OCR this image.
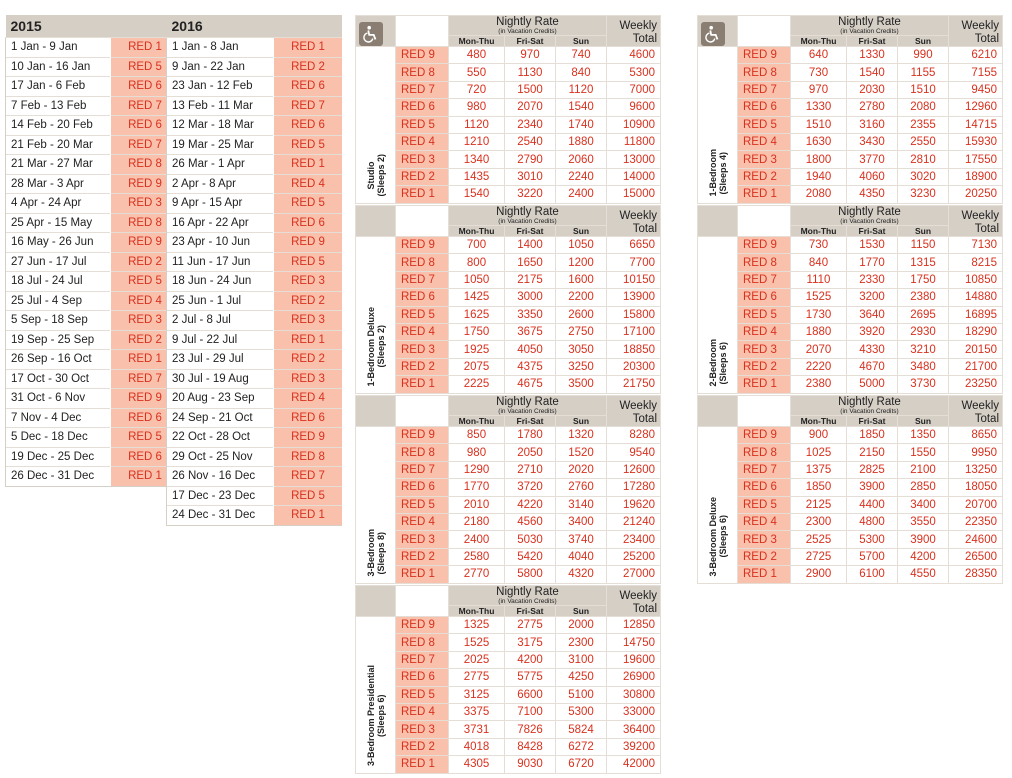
2015	
1 Jan - 9 Jan	RED 1
10 Jan - 16 Jan	RED 5
17 Jan - 6 Feb	RED 6
7 Feb - 13 Feb	RED 7
14 Feb - 20 Feb	RED 6
21 Feb - 20 Mar	RED 7
21 Mar - 27 Mar	RED 8
28 Mar - 3 Apr	RED 9
4 Apr - 24 Apr	RED 3
25 Apr - 15 May	RED 8
16 May - 26 Jun	RED 9
27 Jun - 17 Jul	RED 2
18 Jul - 24 Jul	RED 5
25 Jul - 4 Sep	RED 4
5 Sep - 18 Sep	RED 3
19 Sep - 25 Sep	RED 2
26 Sep - 16 Oct	RED 1
17 Oct - 30 Oct	RED 7
31 Oct - 6 Nov	RED 9
7 Nov - 4 Dec	RED 6
5 Dec - 18 Dec	RED 5
19 Dec - 25 Dec	RED 6
26 Dec - 31 Dec	RED 1
2016	
1 Jan - 8 Jan	RED 1
9 Jan - 22 Jan	RED 2
23 Jan - 12 Feb	RED 6
13 Feb - 11 Mar	RED 7
12 Mar - 18 Mar	RED 6
19 Mar - 25 Mar	RED 5
26 Mar - 1 Apr	RED 1
2 Apr - 8 Apr	RED 4
9 Apr - 15 Apr	RED 5
16 Apr - 22 Apr	RED 6
23 Apr - 10 Jun	RED 9
11 Jun - 17 Jun	RED 5
18 Jun - 24 Jun	RED 3
25 Jun - 1 Jul	RED 2
2 Jul - 8 Jul	RED 3
9 Jul - 22 Jul	RED 1
23 Jul - 29 Jul	RED 2
30 Jul - 19 Aug	RED 3
20 Aug - 23 Sep	RED 4
24 Sep - 21 Oct	RED 6
22 Oct - 28 Oct	RED 9
29 Oct - 25 Nov	RED 8
26 Nov - 16 Dec	RED 7
17 Dec - 23 Dec	RED 5
24 Dec - 31 Dec	RED 1
		Nightly Rate
(in Vacation Credits)			Weekly
Total
		Mon-Thu	Fri-Sat	Sun	

Studio
(Sleeps 2)	RED 9	480	970	740	4600
	RED 8	550	1130	840	5300
	RED 7	720	1500	1120	7000
	RED 6	980	2070	1540	9600
	RED 5	1120	2340	1740	10900
	RED 4	1210	2540	1880	11800
	RED 3	1340	2790	2060	13000
	RED 2	1435	3010	2240	14000
	RED 1	1540	3220	2400	15000
		Nightly Rate
(in Vacation Credits)			Weekly
Total
		Mon-Thu	Fri-Sat	Sun	

1-Bedroom Deluxe
(Sleeps 2)	RED 9	700	1400	1050	6650
	RED 8	800	1650	1200	7700
	RED 7	1050	2175	1600	10150
	RED 6	1425	3000	2200	13900
	RED 5	1625	3350	2600	15800
	RED 4	1750	3675	2750	17100
	RED 3	1925	4050	3050	18850
	RED 2	2075	4375	3250	20300
	RED 1	2225	4675	3500	21750
		Nightly Rate
(in Vacation Credits)			Weekly
Total
		Mon-Thu	Fri-Sat	Sun	

3-Bedroom
(Sleeps 8)	RED 9	850	1780	1320	8280
	RED 8	980	2050	1520	9540
	RED 7	1290	2710	2020	12600
	RED 6	1770	3720	2760	17280
	RED 5	2010	4220	3140	19620
	RED 4	2180	4560	3400	21240
	RED 3	2400	5030	3740	23400
	RED 2	2580	5420	4040	25200
	RED 1	2770	5800	4320	27000
		Nightly Rate
(in Vacation Credits)			Weekly
Total
		Mon-Thu	Fri-Sat	Sun	

3-Bedroom Presidential
(Sleeps 6)	RED 9	1325	2775	2000	12850
	RED 8	1525	3175	2300	14750
	RED 7	2025	4200	3100	19600
	RED 6	2775	5775	4250	26900
	RED 5	3125	6600	5100	30800
	RED 4	3375	7100	5300	33000
	RED 3	3731	7826	5824	36400
	RED 2	4018	8428	6272	39200
	RED 1	4305	9030	6720	42000
		Nightly Rate
(in Vacation Credits)			Weekly
Total
		Mon-Thu	Fri-Sat	Sun	

1-Bedroom
(Sleeps 4)	RED 9	640	1330	990	6210
	RED 8	730	1540	1155	7155
	RED 7	970	2030	1510	9450
	RED 6	1330	2780	2080	12960
	RED 5	1510	3160	2355	14715
	RED 4	1630	3430	2550	15930
	RED 3	1800	3770	2810	17550
	RED 2	1940	4060	3020	18900
	RED 1	2080	4350	3230	20250
		Nightly Rate
(in Vacation Credits)			Weekly
Total
		Mon-Thu	Fri-Sat	Sun	

2-Bedroom
(Sleeps 6)	RED 9	730	1530	1150	7130
	RED 8	840	1770	1315	8215
	RED 7	1110	2330	1750	10850
	RED 6	1525	3200	2380	14880
	RED 5	1730	3640	2695	16895
	RED 4	1880	3920	2930	18290
	RED 3	2070	4330	3210	20150
	RED 2	2220	4670	3480	21700
	RED 1	2380	5000	3730	23250
		Nightly Rate
(in Vacation Credits)			Weekly
Total
		Mon-Thu	Fri-Sat	Sun	

3-Bedroom Deluxe
(Sleeps 6)	RED 9	900	1850	1350	8650
	RED 8	1025	2150	1550	9950
	RED 7	1375	2825	2100	13250
	RED 6	1850	3900	2850	18050
	RED 5	2125	4400	3400	20700
	RED 4	2300	4800	3550	22350
	RED 3	2525	5300	3900	24600
	RED 2	2725	5700	4200	26500
	RED 1	2900	6100	4550	28350
